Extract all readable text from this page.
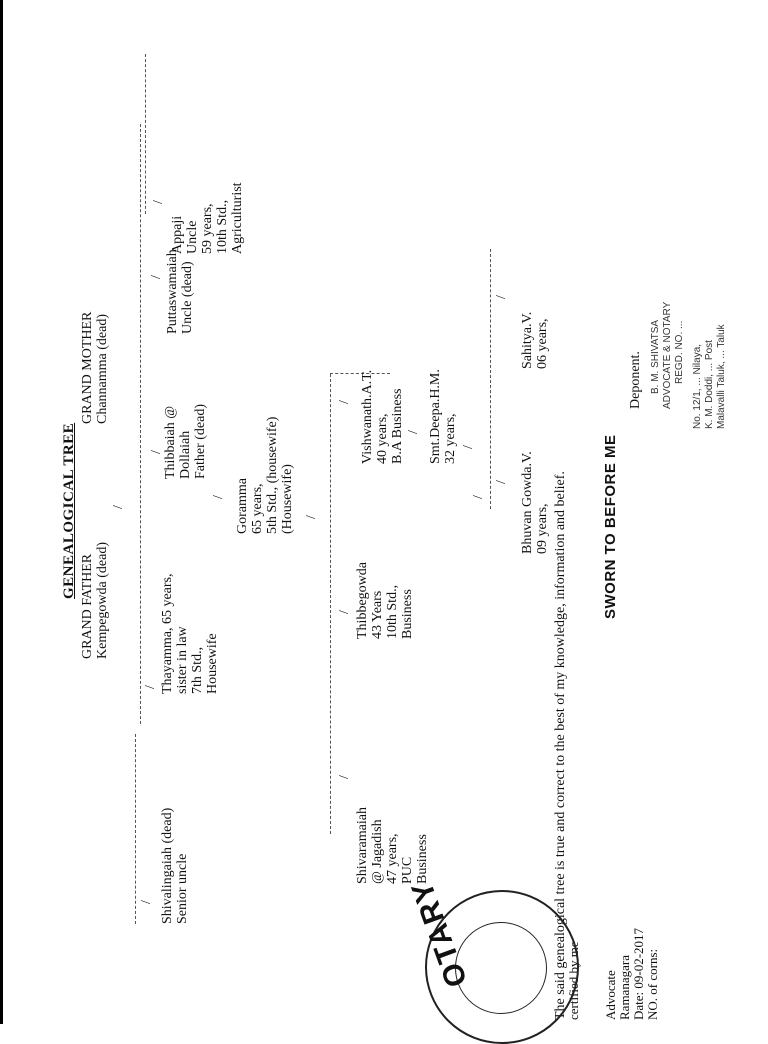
GENEALOGICAL TREE
GRAND FATHER Kempegowda (dead)
GRAND MOTHER Channamma (dead)
/
/
/
/
/
/
Shivalingaiah (dead)
Senior uncle
Thayamma, 65 years,
sister in law
7th Std.,
Housewife
Thibbaiah @
Dollaiah
Father (dead)
/ Goramma
65 years,
5th Std., (housewife)
(Housewife) /
Puttaswamaiah
Uncle (dead)
Appaji
Uncle
59 years,
10th Std.,
Agriculturist
/
/
/
Shivaramaiah
@ Jagadish
47 years,
PUC
Business
Thibbegowda
43 Years
10th Std.,
Business
Vishwanath.A.T.
40 years,
B.A Business / Smt.Deepa.H.M.
32 years,
/
/
/
/
Bhuvan Gowda.V.
09 years,
Sahitya.V.
06 years,
The said genealogical tree is true and correct to the best of my knowledge, information and belief.
certified by me Advocate Ramanagara Date: 09-02-2017 NO. of corns:
OTARY
SWORN TO BEFORE ME
Deponent. B. M. SHIVATSA ADVOCATE & NOTARY REGD. NO. ... No. 12/1, ... Nilaya, K. M. Doddi, ... Post Malavalli Taluk, ... Taluk
